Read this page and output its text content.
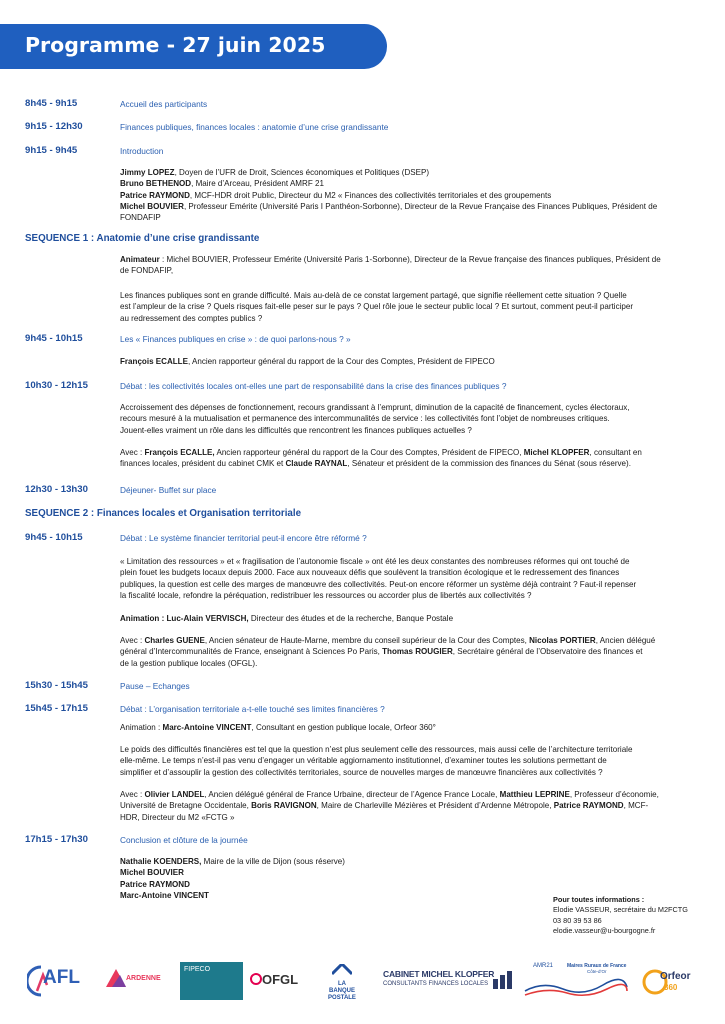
Programme - 27 juin 2025
8h45 - 9h15	Accueil des participants
9h15 - 12h30	Finances publiques, finances locales : anatomie d’une crise grandissante
9h15 - 9h45	Introduction
Jimmy LOPEZ, Doyen de l’UFR de Droit, Sciences économiques et Politiques (DSEP)
Bruno BETHENOD, Maire d’Arceau, Président AMRF 21
Patrice RAYMOND, MCF-HDR droit Public, Directeur du M2 « Finances des collectivités territoriales et des groupements
Michel BOUVIER, Professeur Emérite (Université Paris I Panthéon-Sorbonne), Directeur de la Revue Française des Finances Publiques, Président de
FONDAFIP
SEQUENCE 1 : Anatomie d’une crise grandissante
Animateur : Michel BOUVIER, Professeur Emérite (Université Paris 1-Sorbonne), Directeur de la Revue française des finances publiques, Président de
de FONDAFIP,
Les finances publiques sont en grande difficulté. Mais au-delà de ce constat largement partagé, que signifie réellement cette situation ? Quelle
est l’ampleur de la crise ? Quels risques fait-elle peser sur le pays ? Quel rôle joue le secteur public local ? Et surtout, comment peut-il participer
au redressement des comptes publics ?
9h45 - 10h15	Les « Finances publiques en crise » : de quoi parlons-nous ? »
François ECALLE, Ancien rapporteur général du rapport de la Cour des Comptes, Président de FIPECO
10h30 - 12h15	Débat : les collectivités locales ont-elles une part de responsabilité dans la crise des finances publiques ?
Accroissement des dépenses de fonctionnement, recours grandissant à l’emprunt, diminution de la capacité de financement, cycles électoraux,
recours mesuré à la mutualisation et permanence des intercommunalités de service : les collectivités font l’objet de nombreuses critiques.
Jouent-elles vraiment un rôle dans les difficultés que rencontrent les finances publiques actuelles ?
Avec : François ECALLE, Ancien rapporteur général du rapport de la Cour des Comptes, Président de FIPECO, Michel KLOPFER, consultant en
finances locales, président du cabinet CMK et Claude RAYNAL, Sénateur et président de la commission des finances du Sénat (sous réserve).
12h30 - 13h30	Déjeuner- Buffet sur place
SEQUENCE 2 : Finances locales et Organisation territoriale
9h45 - 10h15	Débat : Le système financier territorial peut-il encore être réformé ?
« Limitation des ressources » et « fragilisation de l’autonomie fiscale » ont été les deux constantes des nombreuses réformes qui ont touché de
plein fouet les budgets locaux depuis 2000. Face aux nouveaux défis que soulèvent la transition écologique et le redressement des finances
publiques, la question est celle des marges de manœuvre des collectivités. Peut-on encore réformer un système déjà contraint ? Faut-il repenser
la fiscalité locale, refondre la péréquation, redistribuer les ressources ou accorder plus de libertés aux collectivités ?
Animation : Luc-Alain VERVISCH, Directeur des études et de la recherche, Banque Postale
Avec : Charles GUENE, Ancien sénateur de Haute-Marne, membre du conseil supérieur de la Cour des Comptes, Nicolas PORTIER, Ancien délégué
général d’Intercommunalités de France, enseignant à Sciences Po Paris, Thomas ROUGIER, Secrétaire général de l’Observatoire des finances et
de la gestion publique locales (OFGL).
15h30 - 15h45	Pause – Echanges
15h45 - 17h15	Débat : L’organisation territoriale a-t-elle touché ses limites financières ?
Animation : Marc-Antoine VINCENT, Consultant en gestion publique locale, Orfeor 360°
Le poids des difficultés financières est tel que la question n’est plus seulement celle des ressources, mais aussi celle de l’architecture territoriale
elle-même. Le temps n’est-il pas venu d’engager un véritable aggiornamento institutionnel, d’examiner toutes les solutions permettant de
simplifier et d’assouplir la gestion des collectivités territoriales, source de nouvelles marges de manœuvre financières aux collectivités ?
Avec : Olivier LANDEL, Ancien délégué général de France Urbaine, directeur de l’Agence France Locale, Matthieu LEPRINE, Professeur d’économie,
Université de Bretagne Occidentale, Boris RAVIGNON, Maire de Charleville Mézières et Président d’Ardenne Métropole, Patrice RAYMOND, MCF-
HDR, Directeur du M2 «FCTG »
17h15 - 17h30	Conclusion et clôture de la journée
Nathalie KOENDERS, Maire de la ville de Dijon (sous réserve)
Michel BOUVIER
Patrice RAYMOND
Marc-Antoine VINCENT	Pour toutes informations :
Elodie VASSEUR, secrétaire du M2FCTG
03 80 39 53 86
elodie.vasseur@u-bourgogne.fr
AFL	ARDENNE
FIPECO
OFGL	LA
BANQUE
POSTALE
CABINET MICHEL KLOPFER
CONSULTANTS FINANCES LOCALES
AMR21	Maires Ruraux de France
Côte-d’Or	Orfeor
360
